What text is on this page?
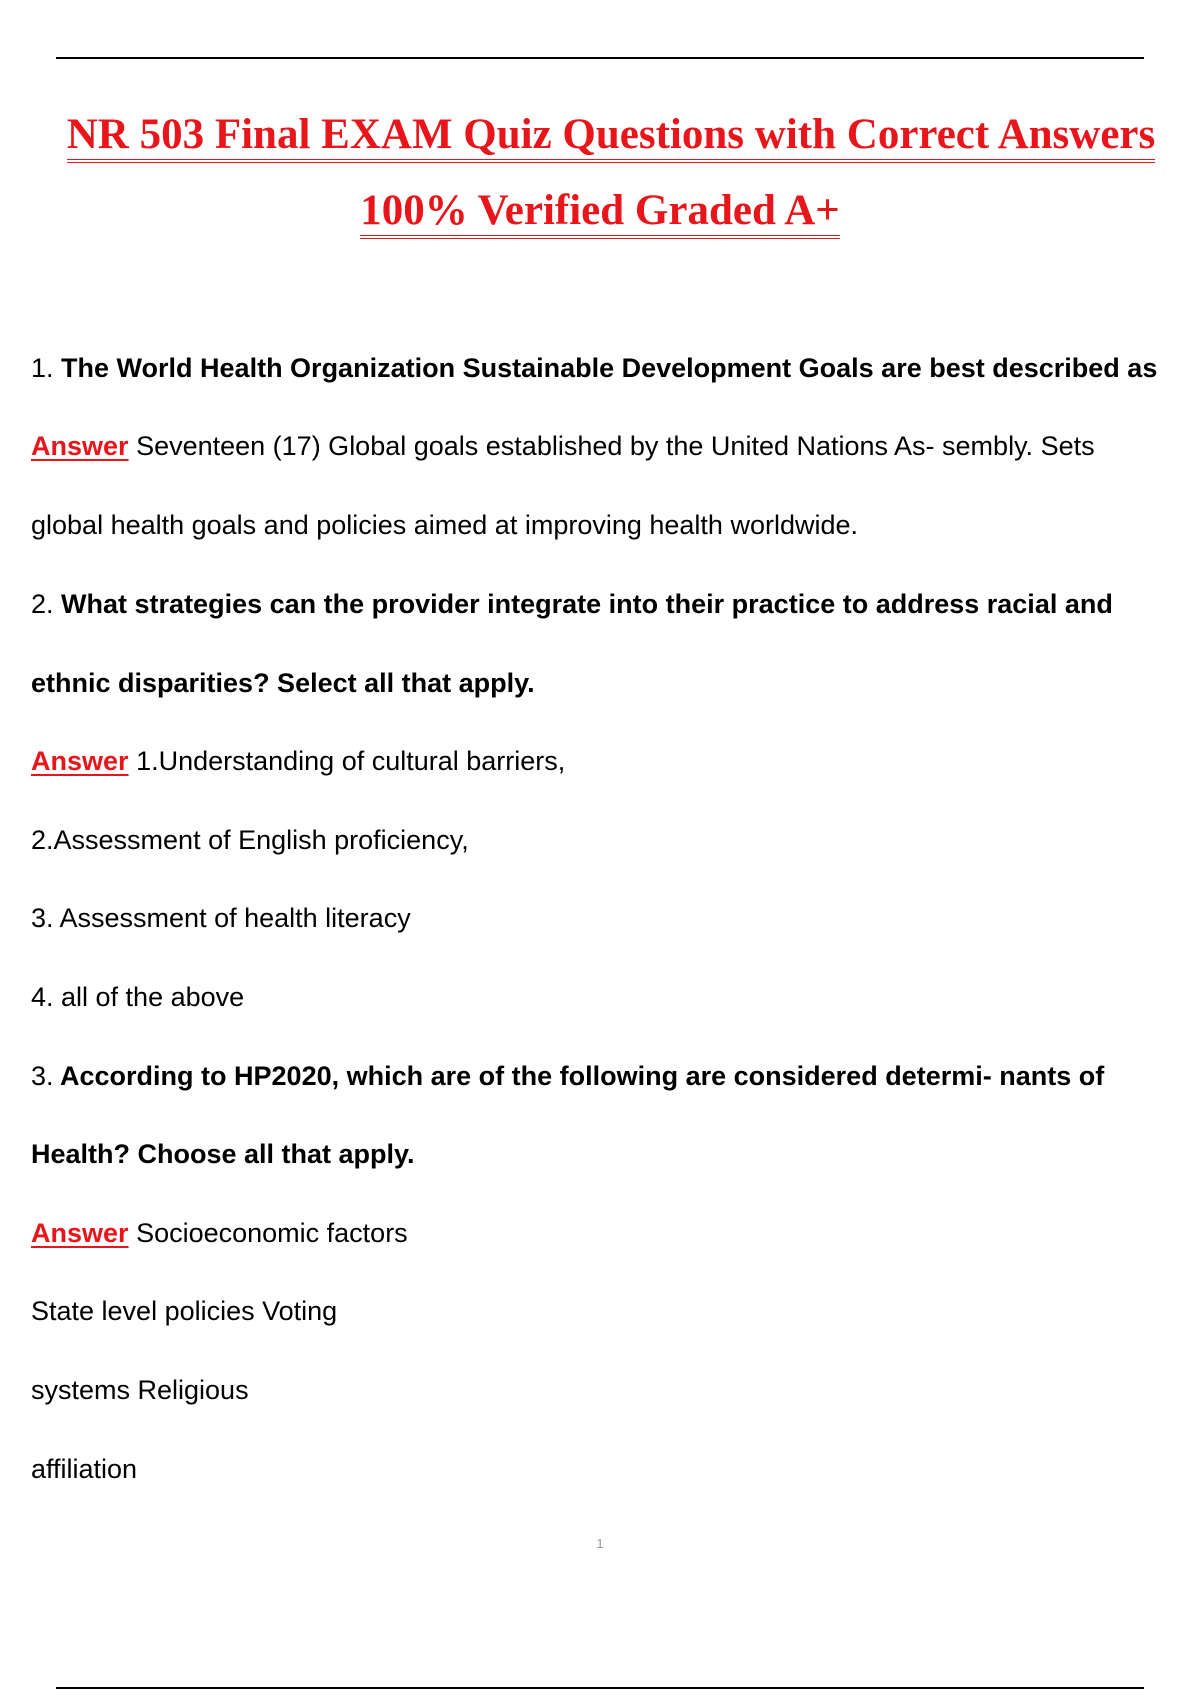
NR 503 Final EXAM Quiz Questions with Correct Answers
100% Verified Graded A+
1. The World Health Organization Sustainable Development Goals are best described as
Answer Seventeen (17) Global goals established by the United Nations As- sembly. Sets
global health goals and policies aimed at improving health worldwide.
2. What strategies can the provider integrate into their practice to address racial and
ethnic disparities? Select all that apply.
Answer 1.Understanding of cultural barriers,
2.Assessment of English proficiency,
3. Assessment of health literacy
4. all of the above
3. According to HP2020, which are of the following are considered determi- nants of
Health? Choose all that apply.
Answer Socioeconomic factors
State level policies Voting
systems Religious
affiliation
1
